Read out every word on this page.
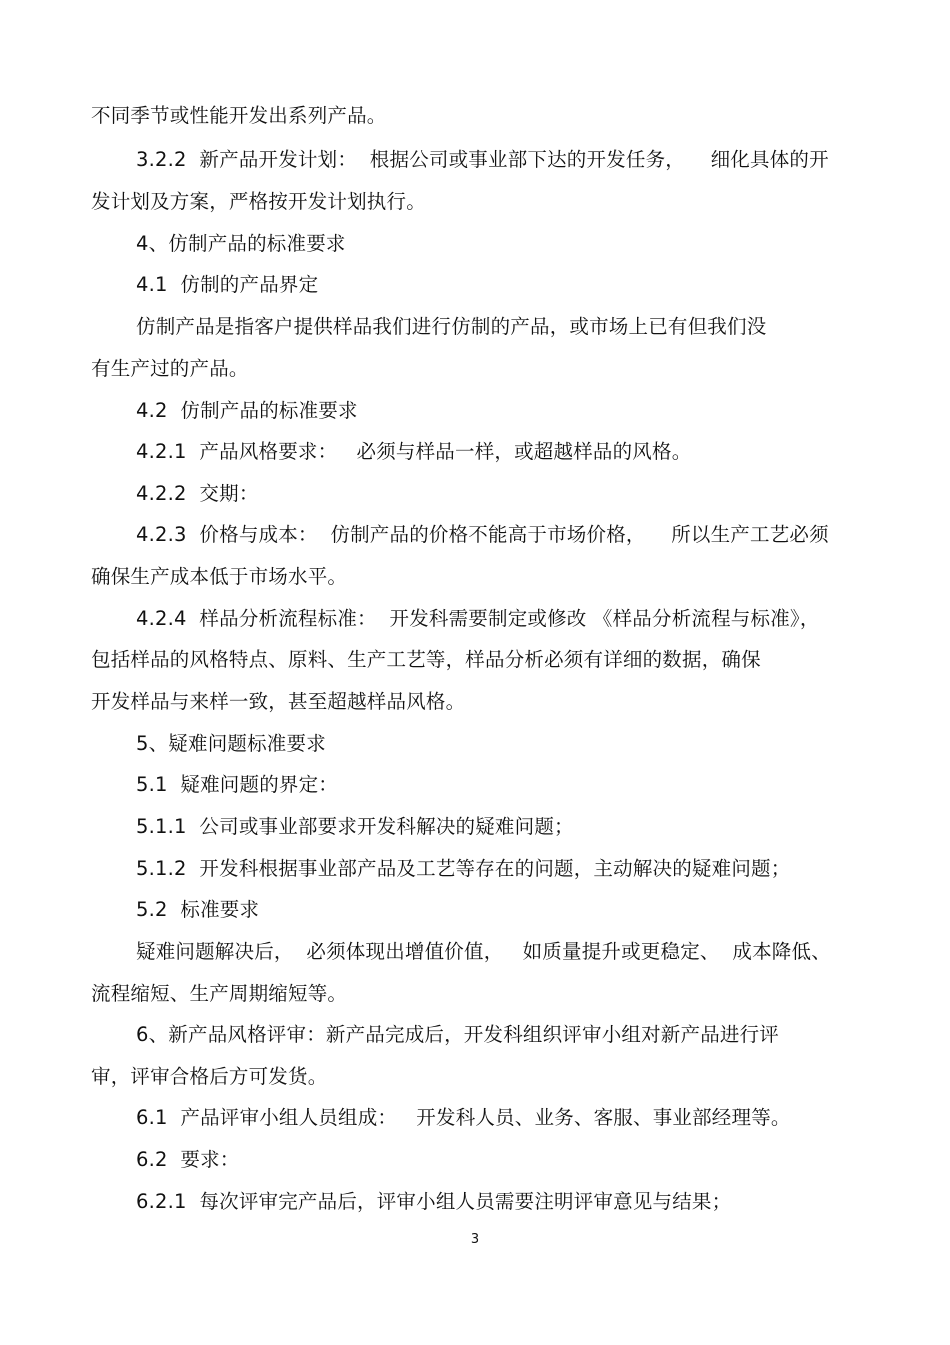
不同季节或性能开发出系列产品。
3.2.2  新产品开发计划：  根据公司或事业部下达的开发任务，    细化具体的开
发计划及方案，严格按开发计划执行。
4、仿制产品的标准要求
4.1  仿制的产品界定
仿制产品是指客户提供样品我们进行仿制的产品，或市场上已有但我们没
有生产过的产品。
4.2  仿制产品的标准要求
4.2.1  产品风格要求：   必须与样品一样，或超越样品的风格。
4.2.2  交期：
4.2.3  价格与成本：  仿制产品的价格不能高于市场价格，    所以生产工艺必须
确保生产成本低于市场水平。
4.2.4  样品分析流程标准：  开发科需要制定或修改 《样品分析流程与标准》，
包括样品的风格特点、原料、生产工艺等，样品分析必须有详细的数据，确保
开发样品与来样一致，甚至超越样品风格。
5、疑难问题标准要求
5.1  疑难问题的界定：
5.1.1  公司或事业部要求开发科解决的疑难问题；
5.1.2  开发科根据事业部产品及工艺等存在的问题，主动解决的疑难问题；
5.2  标准要求
疑难问题解决后，  必须体现出增值价值，   如质量提升或更稳定、  成本降低、
流程缩短、生产周期缩短等。
6、新产品风格评审：新产品完成后，开发科组织评审小组对新产品进行评
审，评审合格后方可发货。
6.1  产品评审小组人员组成：   开发科人员、业务、客服、事业部经理等。
6.2  要求：
6.2.1  每次评审完产品后，评审小组人员需要注明评审意见与结果；
3
